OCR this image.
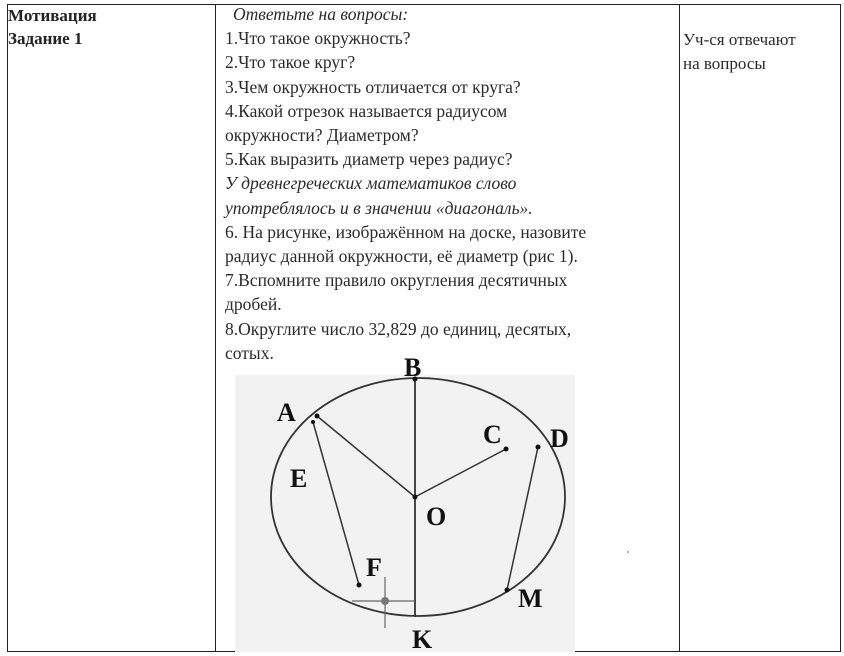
Мотивация
Задание 1
Ответьте на вопросы:
1.Что такое окружность?
2.Что такое круг?
3.Чем окружность отличается от круга?
4.Какой отрезок называется радиусом
окружности? Диаметром?
5.Как выразить диаметр через радиус?
У древнегреческих математиков слово
употреблялось и в значении «диагональ».
6. На рисунке, изображённом на доске, назовите
радиус данной окружности, её диаметр (рис 1).
7.Вспомните правило округления десятичных
дробей.
8.Округлите число 32,829 до единиц, десятых,
сотых.
Уч-ся отвечают
на вопросы
B
A
C D
E
O
F
M
K
